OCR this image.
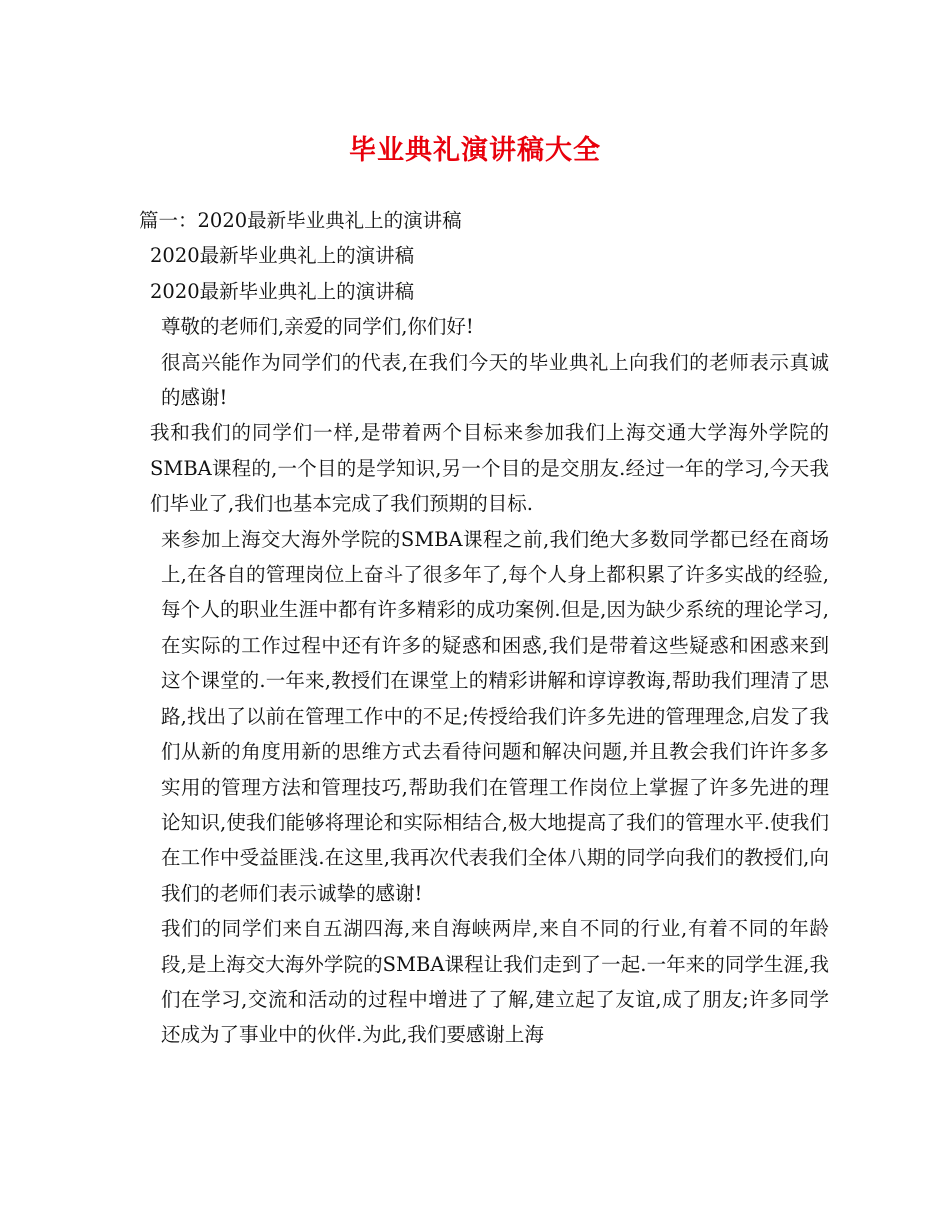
毕业典礼演讲稿大全
篇一：2020最新毕业典礼上的演讲稿
2020最新毕业典礼上的演讲稿
2020最新毕业典礼上的演讲稿
尊敬的老师们,亲爱的同学们,你们好!

很高兴能作为同学们的代表,在我们今天的毕业典礼上向我们的老师表示真诚的感谢!

我和我们的同学们一样,是带着两个目标来参加我们上海交通大学海外学院的SMBA课程的,一个目的是学知识,另一个目的是交朋友.经过一年的学习,今天我们毕业了,我们也基本完成了我们预期的目标.

来参加上海交大海外学院的SMBA课程之前,我们绝大多数同学都已经在商场上,在各自的管理岗位上奋斗了很多年了,每个人身上都积累了许多实战的经验,每个人的职业生涯中都有许多精彩的成功案例.但是,因为缺少系统的理论学习,在实际的工作过程中还有许多的疑惑和困惑,我们是带着这些疑惑和困惑来到这个课堂的.一年来,教授们在课堂上的精彩讲解和谆谆教诲,帮助我们理清了思路,找出了以前在管理工作中的不足;传授给我们许多先进的管理理念,启发了我们从新的角度用新的思维方式去看待问题和解决问题,并且教会我们许许多多实用的管理方法和管理技巧,帮助我们在管理工作岗位上掌握了许多先进的理论知识,使我们能够将理论和实际相结合,极大地提高了我们的管理水平.使我们在工作中受益匪浅.在这里,我再次代表我们全体八期的同学向我们的教授们,向我们的老师们表示诚挚的感谢!

我们的同学们来自五湖四海,来自海峡两岸,来自不同的行业,有着不同的年龄段,是上海交大海外学院的SMBA课程让我们走到了一起.一年来的同学生涯,我们在学习,交流和活动的过程中增进了了解,建立起了友谊,成了朋友;许多同学还成为了事业中的伙伴.为此,我们要感谢上海
